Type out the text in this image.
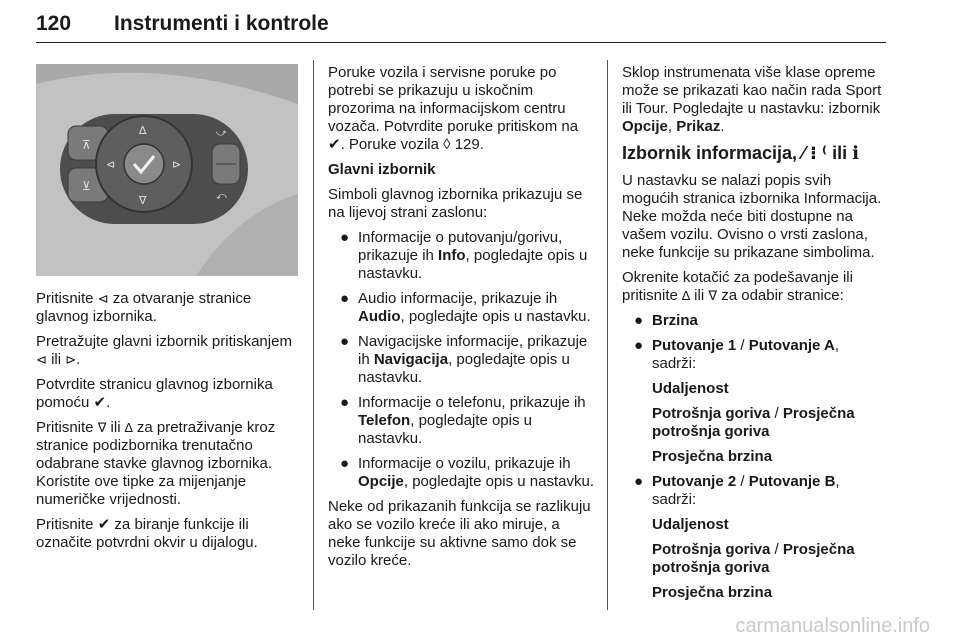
120 Instrumenti i kontrole
⊼
⊻
∆
∇
⊲	⊳
⤻
⤺

Pritisnite ⊲ za otvaranje stranice glavnog izbornika.

Pretražujte glavni izbornik pritiskanjem ⊲ ili ⊳.

Potvrdite stranicu glavnog izbornika pomoću ✔.

Pritisnite ∇ ili ∆ za pretraživanje kroz stranice podizbornika trenutačno odabrane stavke glavnog izbornika. Koristite ove tipke za mijenjanje numeričke vrijednosti.

Pritisnite ✔ za biranje funkcije ili označite potvrdni okvir u dijalogu.

Poruke vozila i servisne poruke po potrebi se prikazuju u iskočnim prozorima na informacijskom centru vozača. Potvrdite poruke pritiskom na ✔. Poruke vozila ◊ 129.

Glavni izbornik

Simboli glavnog izbornika prikazuju se na lijevoj strani zaslonu:

● Informacije o putovanju/gorivu, prikazuje ih Info, pogledajte opis u nastavku.
● Audio informacije, prikazuje ih Audio, pogledajte opis u nastavku.
● Navigacijske informacije, prikazuje ih Navigacija, pogledajte opis u nastavku.
● Informacije o telefonu, prikazuje ih Telefon, pogledajte opis u nastavku.
● Informacije o vozilu, prikazuje ih Opcije, pogledajte opis u nastavku.

Neke od prikazanih funkcija se razlikuju ako se vozilo kreće ili ako miruje, a neke funkcije su aktivne samo dok se vozilo kreće.

Sklop instrumenata više klase opreme može se prikazati kao način rada Sport ili Tour. Pogledajte u nastavku: izbornik Opcije, Prikaz.

Izbornik informacija, ⁄ ⁝ ⁽ ili ℹ

U nastavku se nalazi popis svih mogućih stranica izbornika Informacija. Neke možda neće biti dostupne na vašem vozilu. Ovisno o vrsti zaslona, neke funkcije su prikazane simbolima.

Okrenite kotačić za podešavanje ili pritisnite ∆ ili ∇ za odabir stranice:

● Brzina
● Putovanje 1 / Putovanje A,
sadrži:

Udaljenost

Potrošnja goriva / Prosječna potrošnja goriva

Prosječna brzina

● Putovanje 2 / Putovanje B,
sadrži:

Udaljenost

Potrošnja goriva / Prosječna potrošnja goriva

Prosječna brzina

carmanualsonline.info
